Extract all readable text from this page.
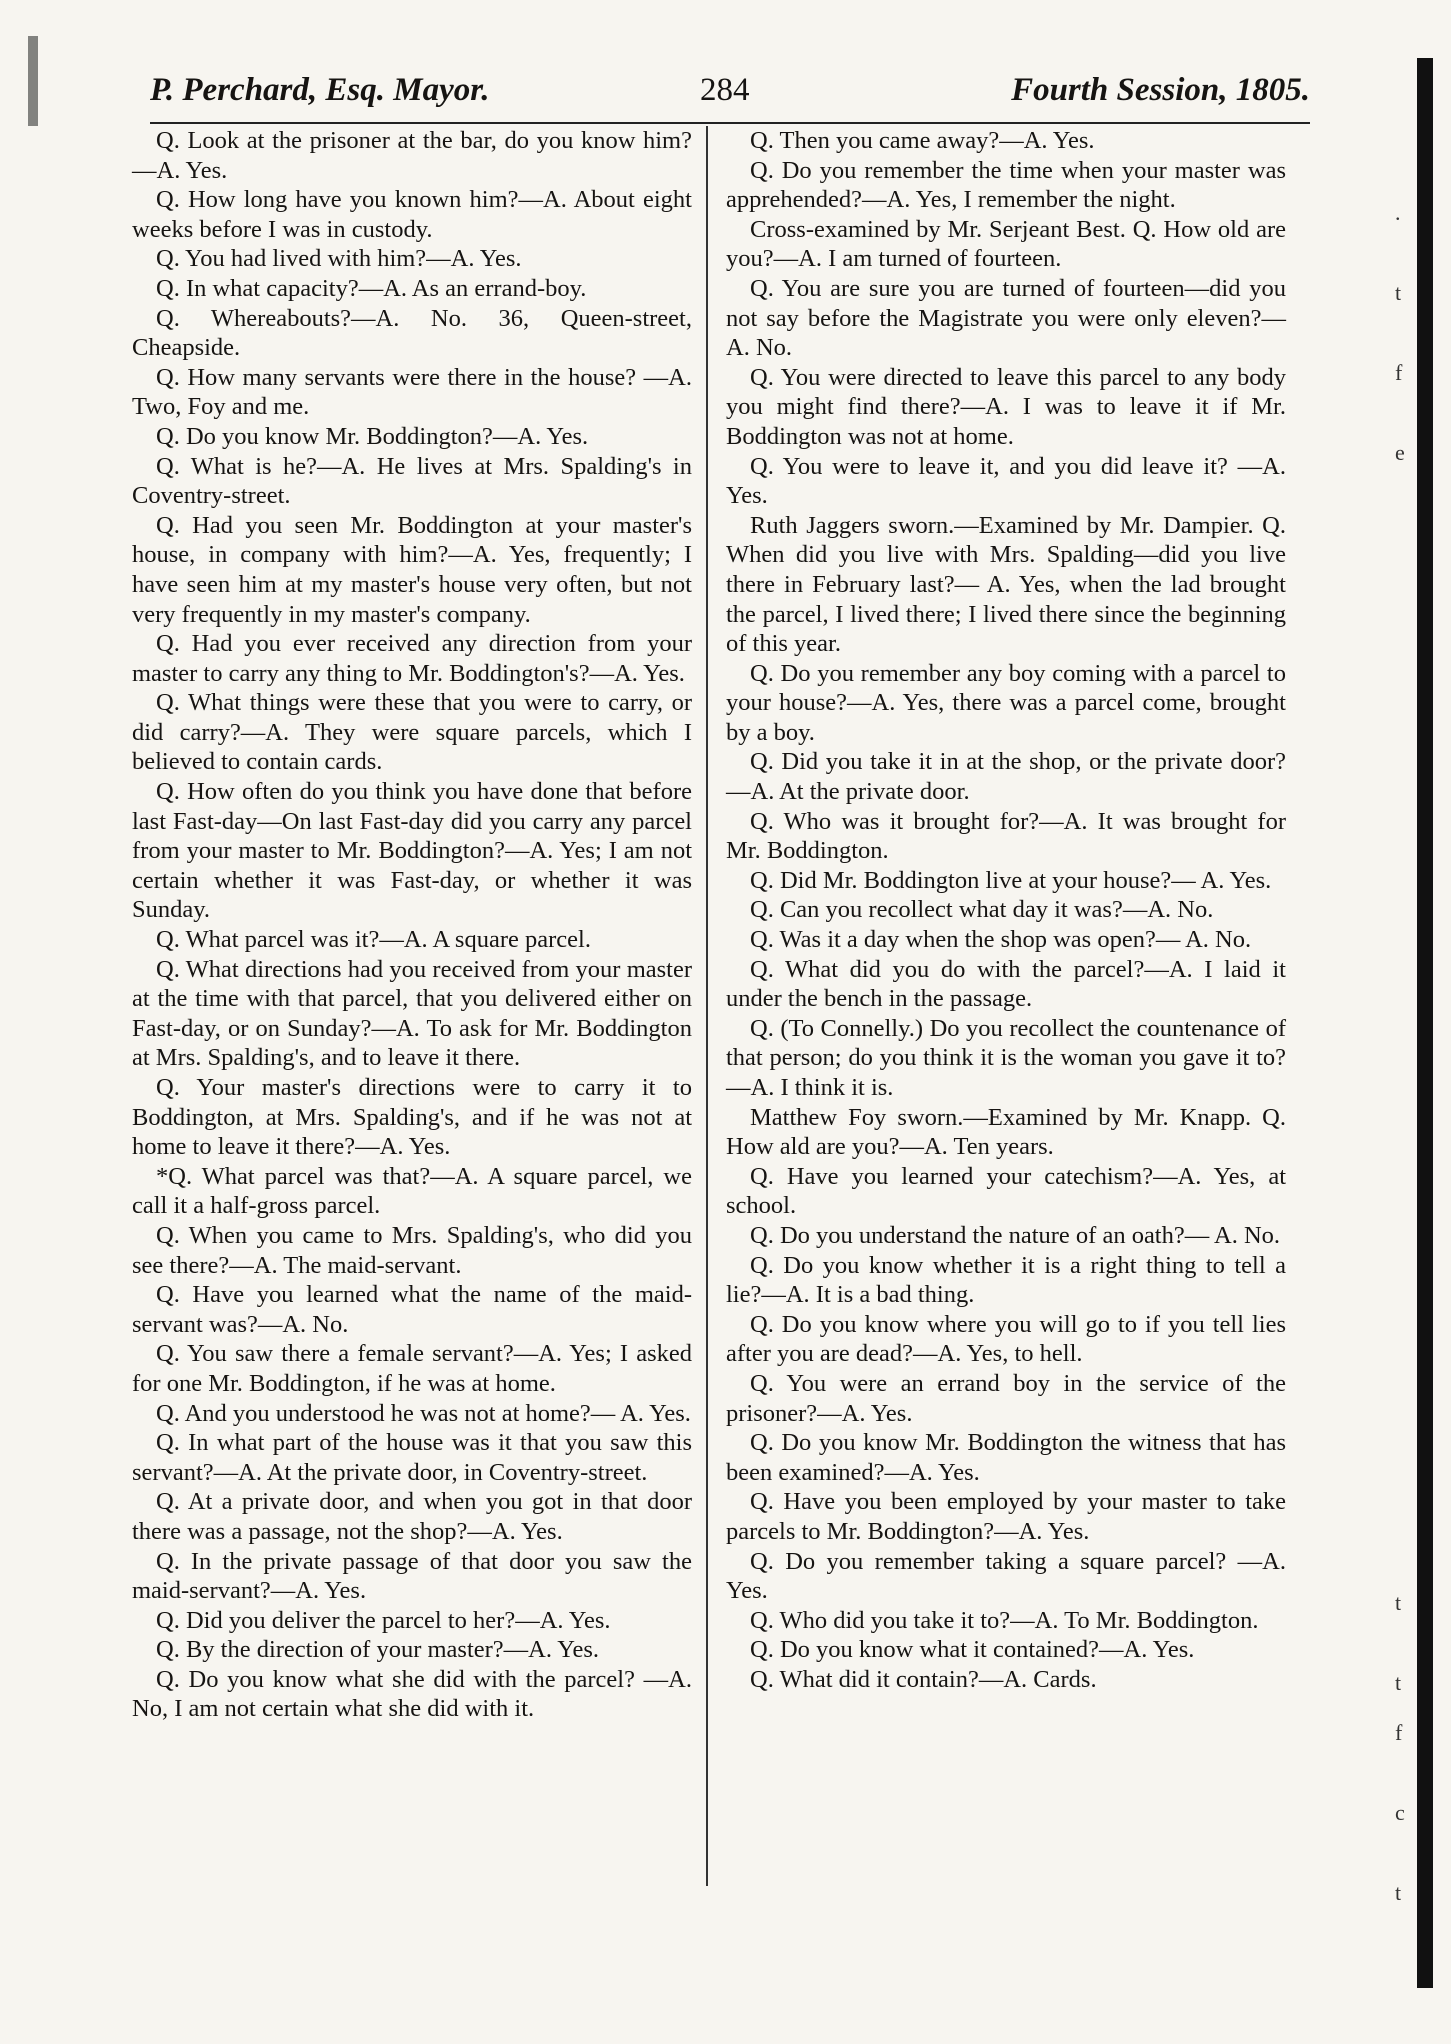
P. Perchard, Esq. Mayor.	284	Fourth Session, 1805.

Q. Look at the prisoner at the bar, do you know him?—A. Yes.

Q. How long have you known him?—A. About eight weeks before I was in custody.

Q. You had lived with him?—A. Yes.

Q. In what capacity?—A. As an errand-boy.

Q. Whereabouts?—A. No. 36, Queen-street, Cheapside.

Q. How many servants were there in the house? —A. Two, Foy and me.

Q. Do you know Mr. Boddington?—A. Yes.

Q. What is he?—A. He lives at Mrs. Spalding's in Coventry-street.

Q. Had you seen Mr. Boddington at your master's house, in company with him?—A. Yes, frequently; I have seen him at my master's house very often, but not very frequently in my master's company.

Q. Had you ever received any direction from your master to carry any thing to Mr. Boddington's?—A. Yes.

Q. What things were these that you were to carry, or did carry?—A. They were square parcels, which I believed to contain cards.

Q. How often do you think you have done that before last Fast-day—On last Fast-day did you carry any parcel from your master to Mr. Boddington?—A. Yes; I am not certain whether it was Fast-day, or whether it was Sunday.

Q. What parcel was it?—A. A square parcel.

Q. What directions had you received from your master at the time with that parcel, that you delivered either on Fast-day, or on Sunday?—A. To ask for Mr. Boddington at Mrs. Spalding's, and to leave it there.

Q. Your master's directions were to carry it to Boddington, at Mrs. Spalding's, and if he was not at home to leave it there?—A. Yes.

*Q. What parcel was that?—A. A square parcel, we call it a half-gross parcel.

Q. When you came to Mrs. Spalding's, who did you see there?—A. The maid-servant.

Q. Have you learned what the name of the maid-servant was?—A. No.

Q. You saw there a female servant?—A. Yes; I asked for one Mr. Boddington, if he was at home.

Q. And you understood he was not at home?— A. Yes.

Q. In what part of the house was it that you saw this servant?—A. At the private door, in Coventry-street.

Q. At a private door, and when you got in that door there was a passage, not the shop?—A. Yes.

Q. In the private passage of that door you saw the maid-servant?—A. Yes.

Q. Did you deliver the parcel to her?—A. Yes.

Q. By the direction of your master?—A. Yes.

Q. Do you know what she did with the parcel? —A. No, I am not certain what she did with it.

Q. Then you came away?—A. Yes.

Q. Do you remember the time when your master was apprehended?—A. Yes, I remember the night.

Cross-examined by Mr. Serjeant Best. Q. How old are you?—A. I am turned of fourteen.

Q. You are sure you are turned of fourteen—did you not say before the Magistrate you were only eleven?—A. No.

Q. You were directed to leave this parcel to any body you might find there?—A. I was to leave it if Mr. Boddington was not at home.

Q. You were to leave it, and you did leave it? —A. Yes.

Ruth Jaggers sworn.—Examined by Mr. Dampier. Q. When did you live with Mrs. Spalding—did you live there in February last?— A. Yes, when the lad brought the parcel, I lived there; I lived there since the beginning of this year.

Q. Do you remember any boy coming with a parcel to your house?—A. Yes, there was a parcel come, brought by a boy.

Q. Did you take it in at the shop, or the private door?—A. At the private door.

Q. Who was it brought for?—A. It was brought for Mr. Boddington.

Q. Did Mr. Boddington live at your house?— A. Yes.

Q. Can you recollect what day it was?—A. No.

Q. Was it a day when the shop was open?— A. No.

Q. What did you do with the parcel?—A. I laid it under the bench in the passage.

Q. (To Connelly.) Do you recollect the countenance of that person; do you think it is the woman you gave it to?—A. I think it is.

Matthew Foy sworn.—Examined by Mr. Knapp. Q. How ald are you?—A. Ten years.

Q. Have you learned your catechism?—A. Yes, at school.

Q. Do you understand the nature of an oath?— A. No.

Q. Do you know whether it is a right thing to tell a lie?—A. It is a bad thing.

Q. Do you know where you will go to if you tell lies after you are dead?—A. Yes, to hell.

Q. You were an errand boy in the service of the prisoner?—A. Yes.

Q. Do you know Mr. Boddington the witness that has been examined?—A. Yes.

Q. Have you been employed by your master to take parcels to Mr. Boddington?—A. Yes.

Q. Do you remember taking a square parcel? —A. Yes.

Q. Who did you take it to?—A. To Mr. Boddington.

Q. Do you know what it contained?—A. Yes.

Q. What did it contain?—A. Cards.

.
t
f
e
t
t
f
c
t
